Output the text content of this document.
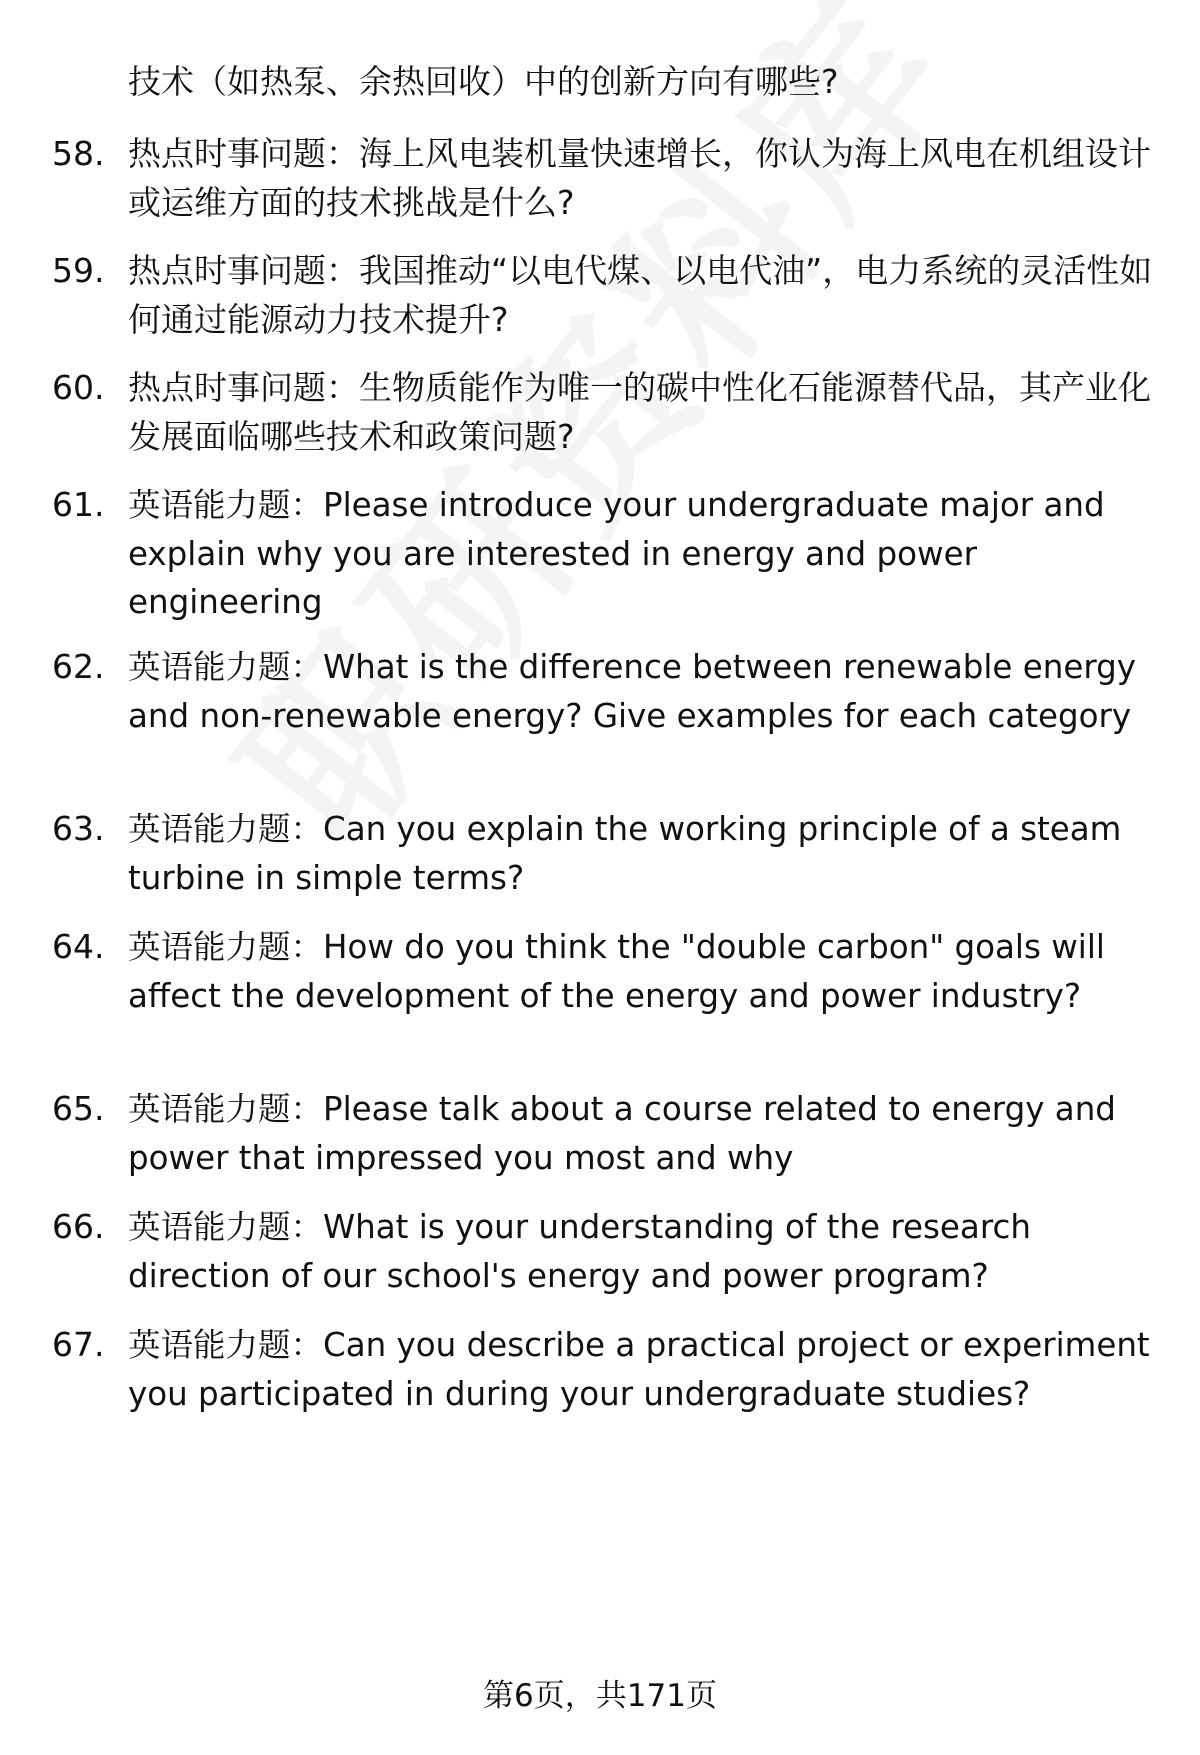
技术（如热泵、余热回收）中的创新方向有哪些?
58. 热点时事问题：海上风电装机量快速增长，你认为海上风电在机组设计或运维方面的技术挑战是什么?
59. 热点时事问题：我国推动“以电代煤、以电代油”，电力系统的灵活性如何通过能源动力技术提升?
60. 热点时事问题：生物质能作为唯一的碳中性化石能源替代品，其产业化发展面临哪些技术和政策问题?
61. 英语能力题：Please introduce your undergraduate major and explain why you are interested in energy and power engineering
62. 英语能力题：What is the difference between renewable energy and non-renewable energy? Give examples for each category
63. 英语能力题：Can you explain the working principle of a steam turbine in simple terms?
64. 英语能力题：How do you think the "double carbon" goals will affect the development of the energy and power industry?
65. 英语能力题：Please talk about a course related to energy and power that impressed you most and why
66. 英语能力题：What is your understanding of the research direction of our school's energy and power program?
67. 英语能力题：Can you describe a practical project or experiment you participated in during your undergraduate studies?
第6页，共171页
